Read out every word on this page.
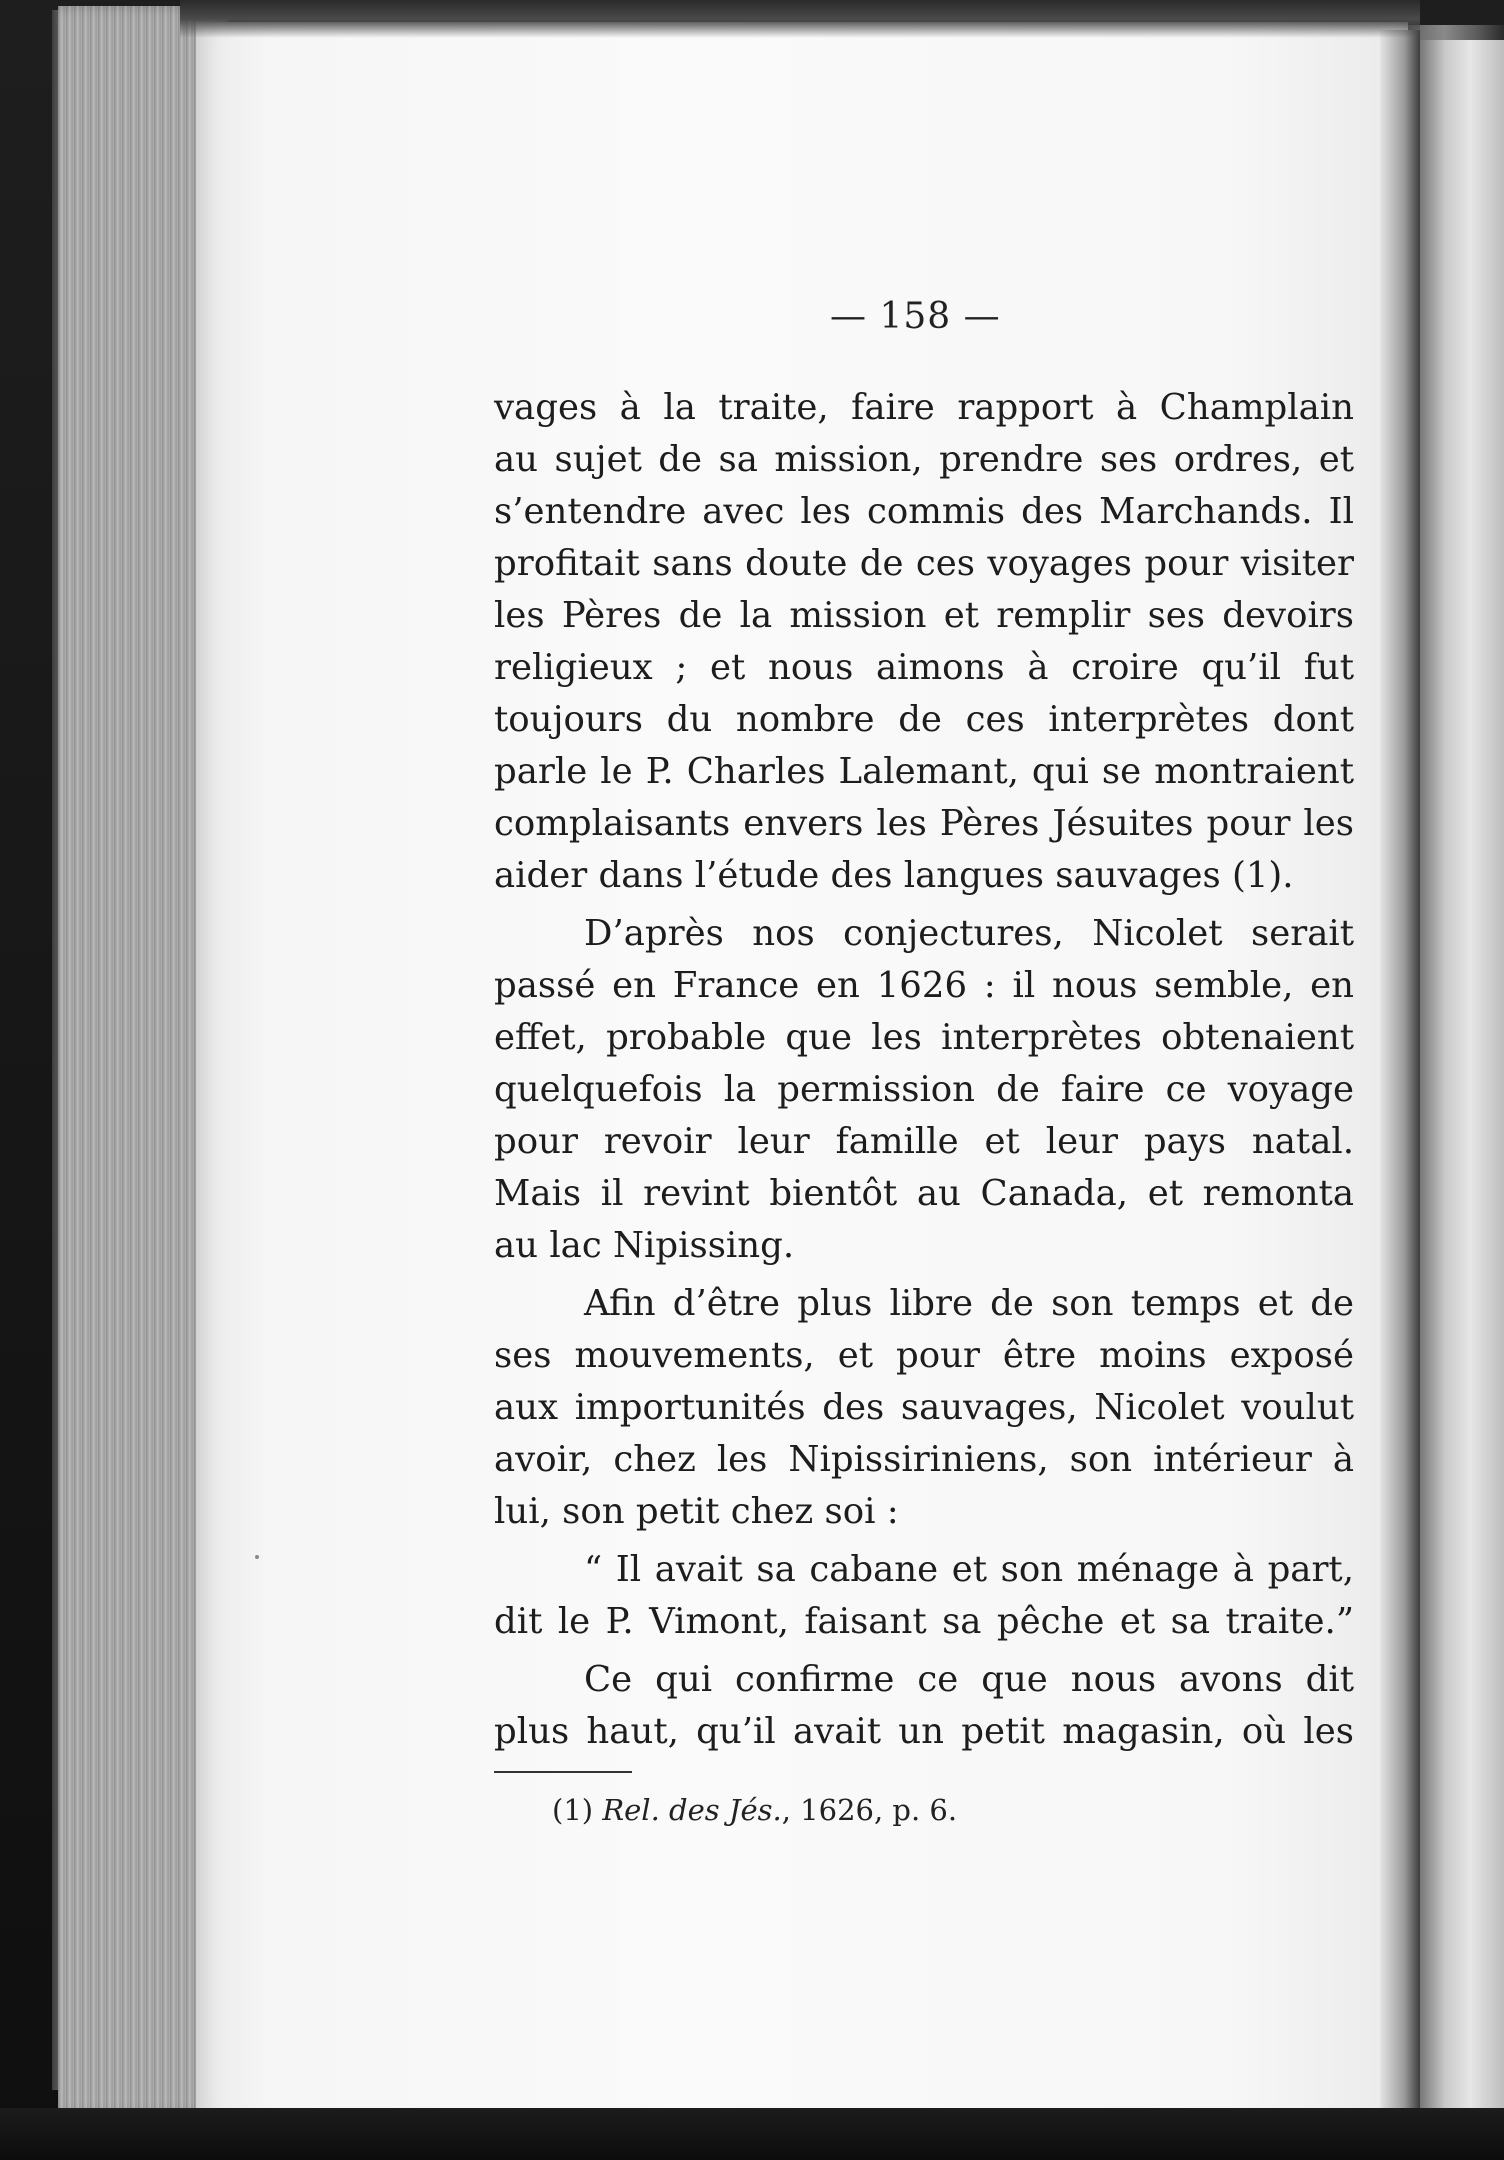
— 158 —
vages à la traite, faire rapport à Champlain
au sujet de sa mission, prendre ses ordres, et
s’entendre avec les commis des Marchands. Il
profitait sans doute de ces voyages pour visiter
les Pères de la mission et remplir ses devoirs
religieux ; et nous aimons à croire qu’il fut
toujours du nombre de ces interprètes dont
parle le P. Charles Lalemant, qui se montraient
complaisants envers les Pères Jésuites pour les
aider dans l’étude des langues sauvages (1).
D’après nos conjectures, Nicolet serait
passé en France en 1626 : il nous semble, en
effet, probable que les interprètes obtenaient
quelquefois la permission de faire ce voyage
pour revoir leur famille et leur pays natal.
Mais il revint bientôt au Canada, et remonta
au lac Nipissing.
Afin d’être plus libre de son temps et de
ses mouvements, et pour être moins exposé
aux importunités des sauvages, Nicolet voulut
avoir, chez les Nipissiriniens, son intérieur à
lui, son petit chez soi :
“ Il avait sa cabane et son ménage à part,
dit le P. Vimont, faisant sa pêche et sa traite.”
Ce qui confirme ce que nous avons dit
plus haut, qu’il avait un petit magasin, où les
(1) Rel. des Jés., 1626, p. 6.
